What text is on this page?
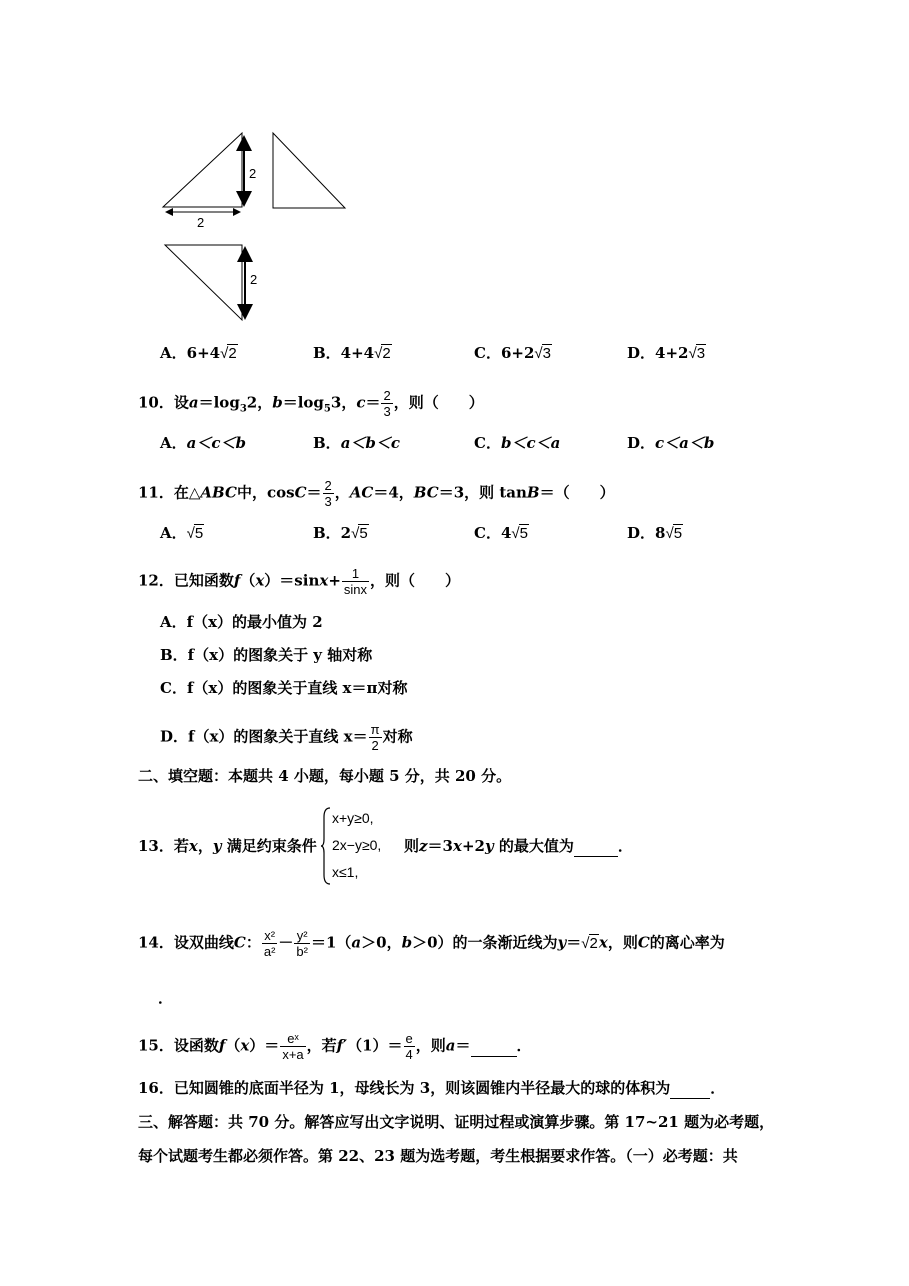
2
2
2
A．6+4√2	B．4+4√2	C．6+2√3	D．4+2√3
10．设$a=\log_32$，$b=\log_53$，$c= \frac{2}{3}$ ，则（　　）
A．a＜c＜b	B．a＜b＜c	C．b＜c＜a	D．c＜a＜b
11．在△ABC中，$\cos C= \frac{2}{3}$ ，AC＝4，BC＝3，则 tanB＝（　　）
A．√5	B．2√5	C．4√5	D．8√5
12．已知函数$f(x)=\sin x+ \frac{1}{\sin x}$ ，则（　　）
A．f（x）的最小值为 2
B．f（x）的图象关于 y 轴对称
C．f（x）的图象关于直线 x＝π对称
D．f（x）的图象关于直线 $x= \frac{\pi}{2}$ 对称
二、填空题：本题共 4 小题，每小题 5 分，共 20 分。
13．若x，y 满足约束条件
x+y≥0,
2x−y≥0,
x≤1,
则z＝3x+2y 的最大值为	．
14．设双曲线C： $\frac{\text{x²}}{\text{a²}} - \frac{\text{y²}}{\text{b²}} =1(a>0$，b＞0）的一条渐近线为y＝√2x，则C的离心率为
．
15．设函数$f(x)= \frac{\text{eˣ}}{x+a}$ ，若$f'(1)= \frac{e}{4}$ ，则a＝	．
16．已知圆锥的底面半径为 1，母线长为 3，则该圆锥内半径最大的球的体积为	．
三、解答题：共 70 分。解答应写出文字说明、证明过程或演算步骤。第 17~21 题为必考题，
每个试题考生都必须作答。第 22、23 题为选考题，考生根据要求作答。（一）必考题：共
